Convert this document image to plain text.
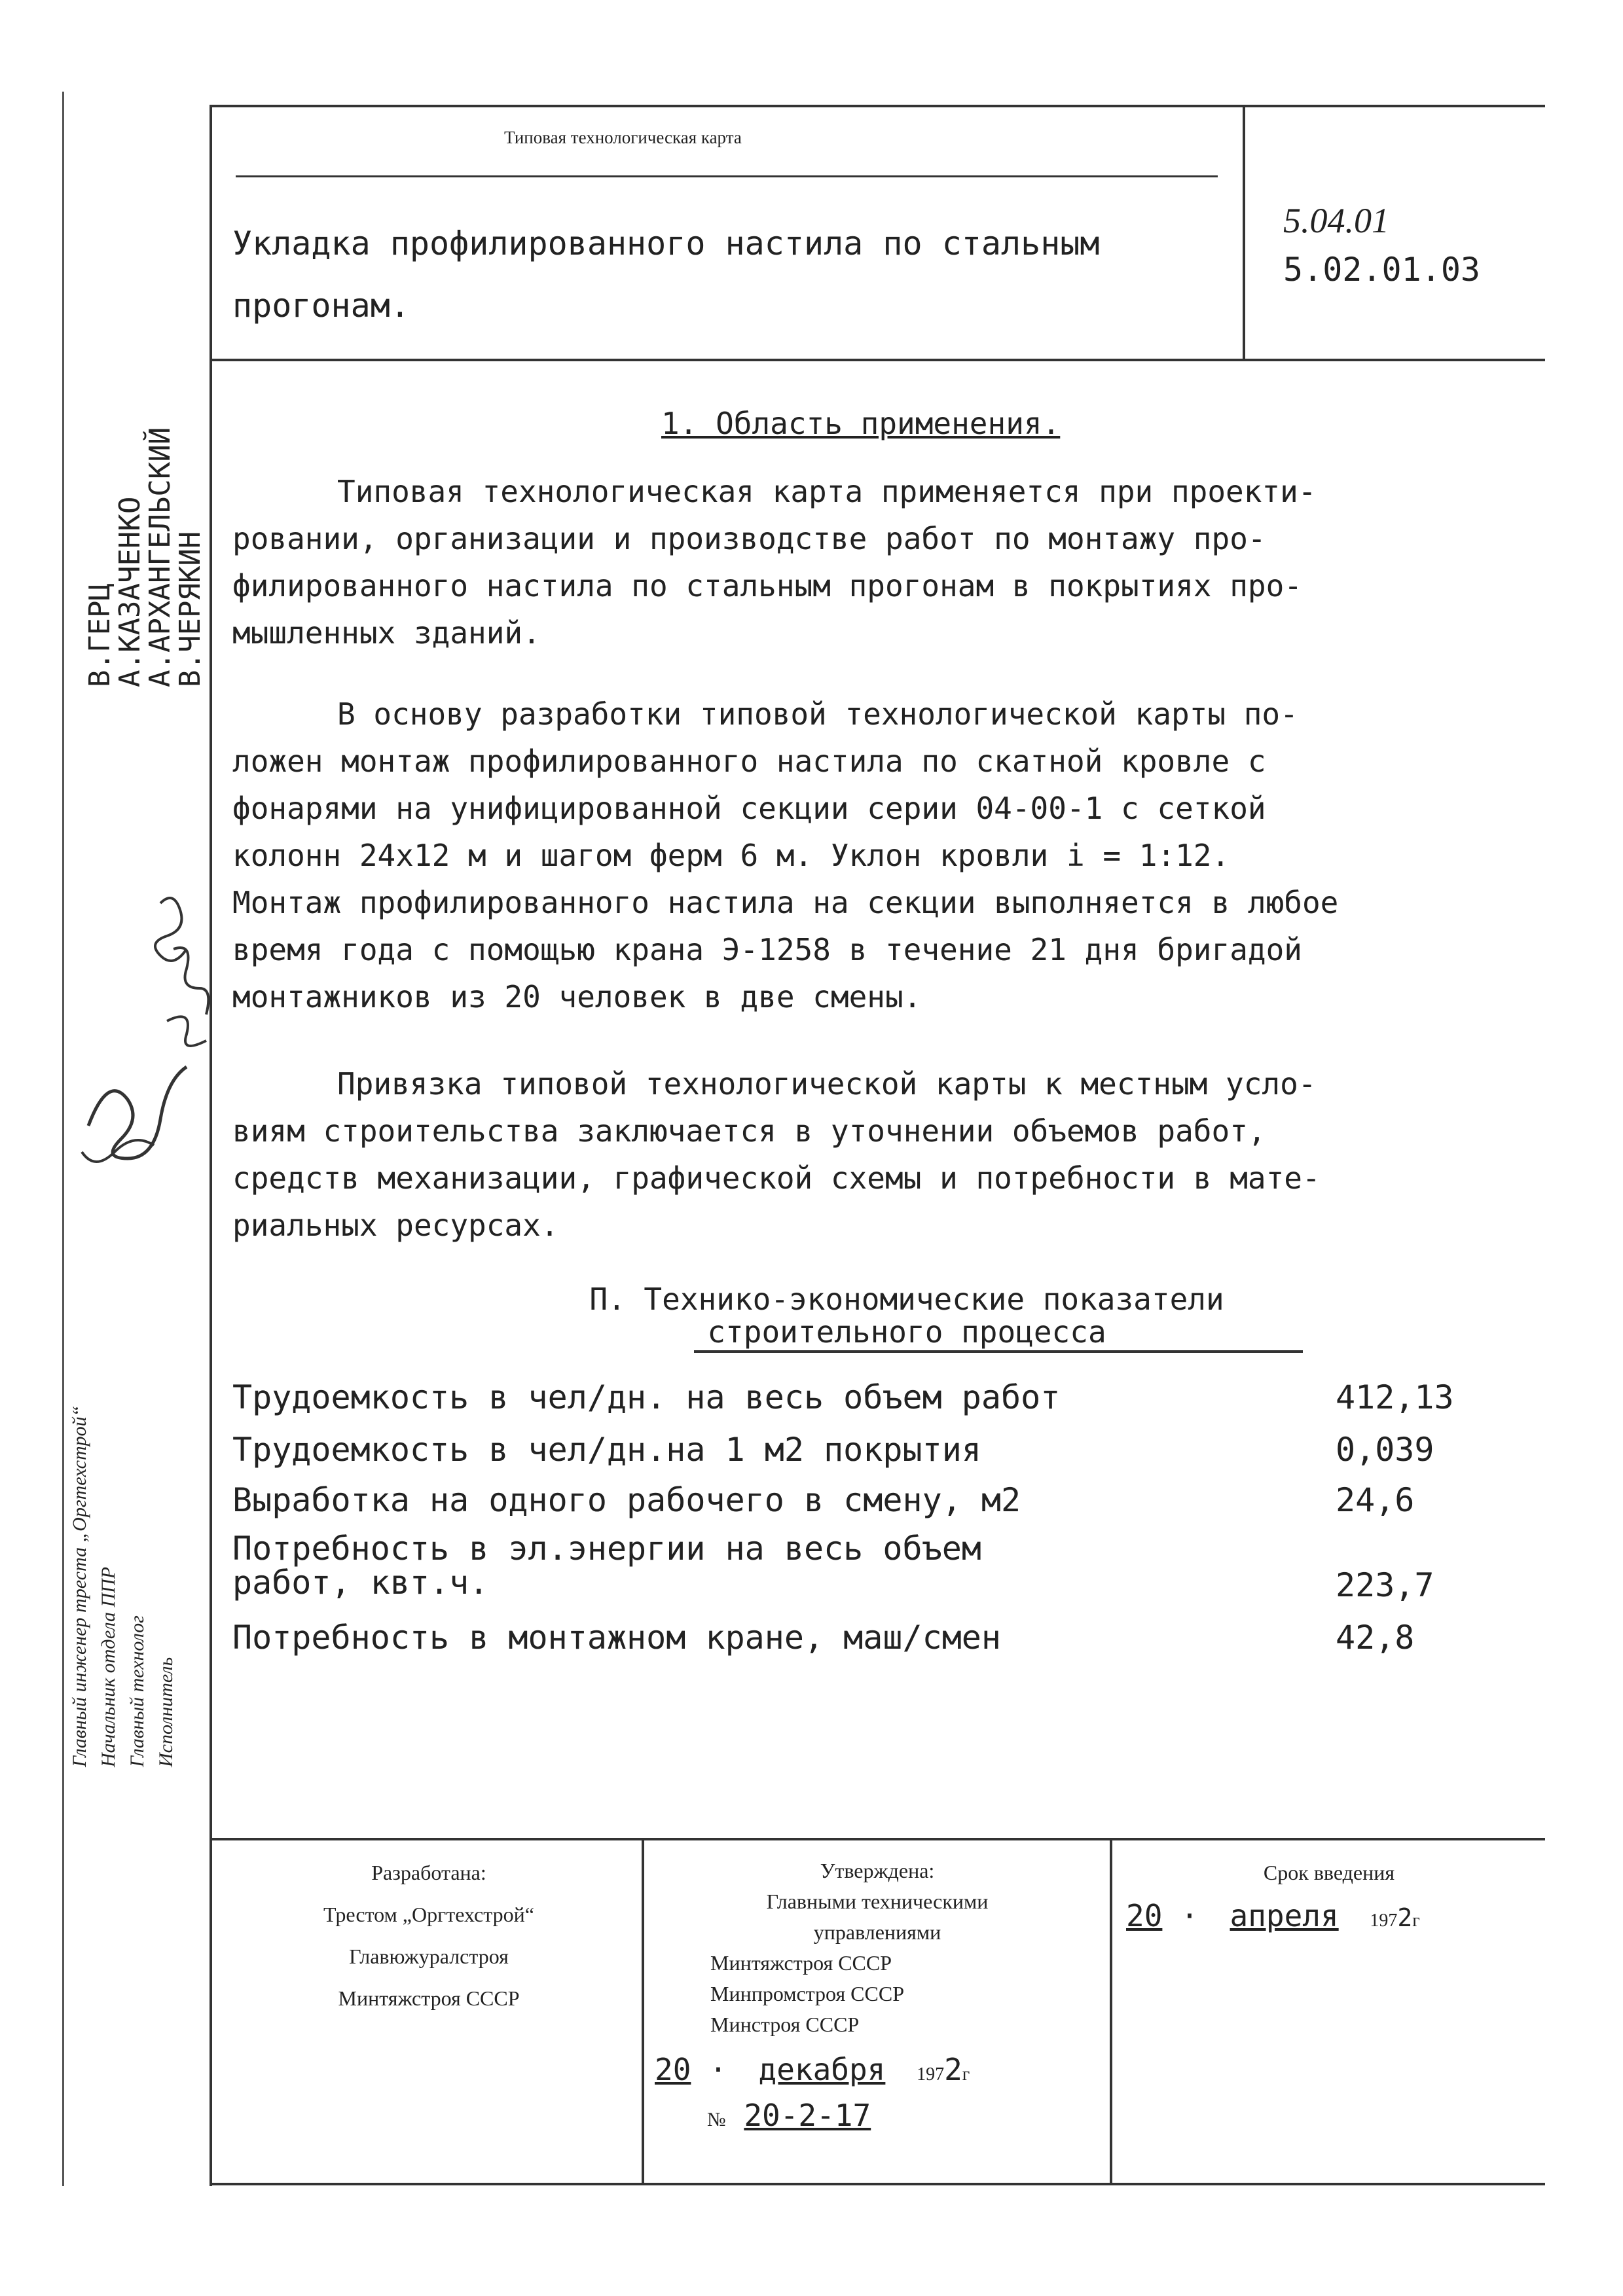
Типовая технологическая карта
Укладка профилированного настила по стальным
прогонам.
5.04.01
5.02.01.03
В.ГЕРЦ
А.КАЗАЧЕНКО
А.АРХАНГЕЛЬСКИЙ
В.ЧЕРЯКИН
Главный инженер треста „Оргтехстрой“ Начальник отдела ППР Главный технолог Исполнитель
1. Область применения.
Типовая технологическая карта применяется при проекти-
ровании, организации и производстве работ по монтажу про-
филированного настила по стальным прогонам в покрытиях про-
мышленных зданий.
В основу разработки типовой технологической карты по-
ложен монтаж профилированного настила по скатной кровле с
фонарями на унифицированной секции серии 04-00-1 с сеткой
колонн 24х12 м и шагом ферм 6 м. Уклон кровли i = 1:12.
Монтаж профилированного настила на секции выполняется в любое
время года с помощью крана Э-1258 в течение 21 дня бригадой
монтажников из 20 человек в две смены.
Привязка типовой технологической карты к местным усло-
виям строительства заключается в уточнении объемов работ,
средств механизации, графической схемы и потребности в мате-
риальных ресурсах.
П. Технико-экономические показатели
строительного процесса
Трудоемкость в чел/дн. на весь объем работ	412,13
Трудоемкость в чел/дн.на 1 м2 покрытия	0,039
Выработка на одного рабочего в смену, м2	24,6
Потребность в эл.энергии на весь объем
работ, квт.ч.	223,7
Потребность в монтажном кране, маш/смен	42,8
Разработана:
Трестом „Оргтехстрой“
Главюжуралстроя
Минтяжстроя СССР
Утверждена:
Главными техническими
управлениями
Минтяжстроя СССР
Минпромстроя СССР
Минстроя СССР
20 · декабря 1972г
№ 20-2-17
Срок введения
20 · апреля 1972г
